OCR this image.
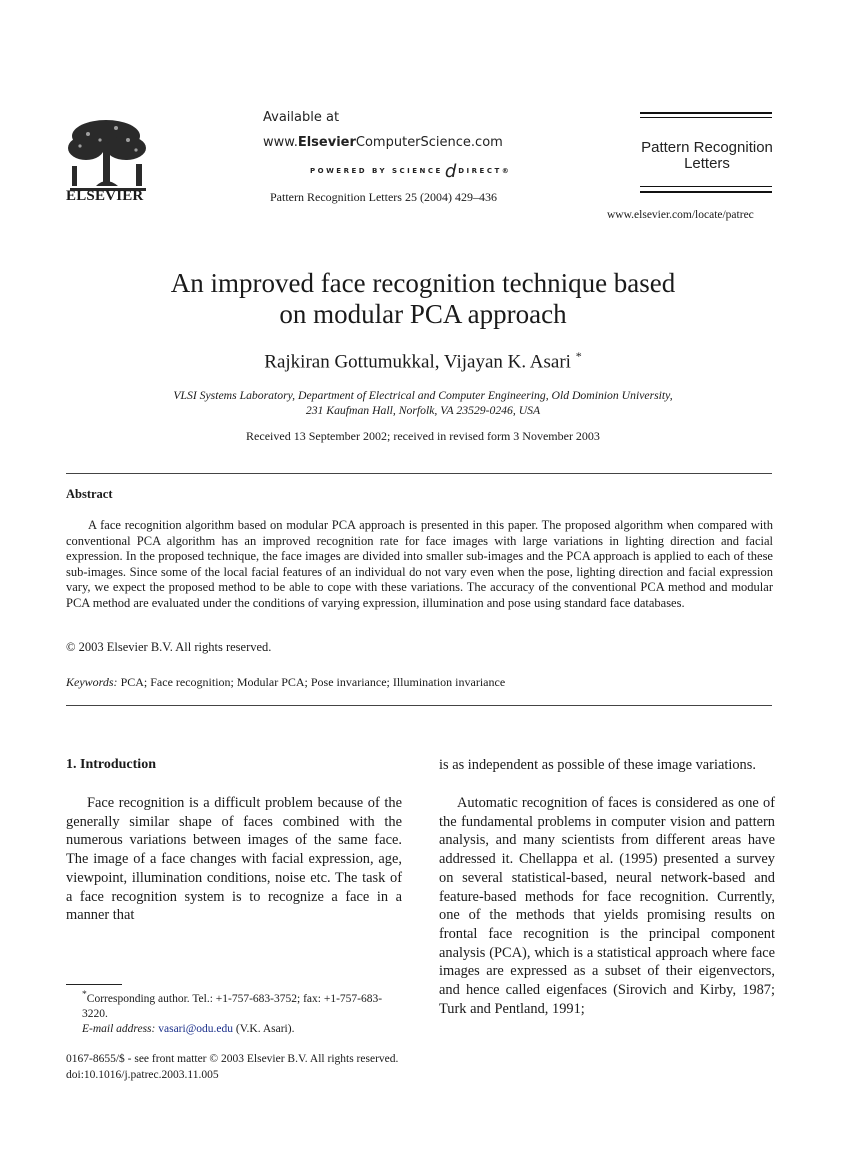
ELSEVIER
Available at
www.ElsevierComputerScience.com
POWERED BY SCIENCE d DIRECT®
Pattern Recognition Letters 25 (2004) 429–436
Pattern Recognition
Letters
www.elsevier.com/locate/patrec
An improved face recognition technique based
on modular PCA approach
Rajkiran Gottumukkal, Vijayan K. Asari *
VLSI Systems Laboratory, Department of Electrical and Computer Engineering, Old Dominion University,
231 Kaufman Hall, Norfolk, VA 23529-0246, USA
Received 13 September 2002; received in revised form 3 November 2003
Abstract
A face recognition algorithm based on modular PCA approach is presented in this paper. The proposed algorithm when compared with conventional PCA algorithm has an improved recognition rate for face images with large variations in lighting direction and facial expression. In the proposed technique, the face images are divided into smaller sub-images and the PCA approach is applied to each of these sub-images. Since some of the local facial features of an individual do not vary even when the pose, lighting direction and facial expression vary, we expect the proposed method to be able to cope with these variations. The accuracy of the conventional PCA method and modular PCA method are evaluated under the conditions of varying expression, illumination and pose using standard face databases.
© 2003 Elsevier B.V. All rights reserved.
Keywords: PCA; Face recognition; Modular PCA; Pose invariance; Illumination invariance
1. Introduction
Face recognition is a difficult problem because of the generally similar shape of faces combined with the numerous variations between images of the same face. The image of a face changes with facial expression, age, viewpoint, illumination conditions, noise etc. The task of a face recognition system is to recognize a face in a manner that
is as independent as possible of these image variations.
Automatic recognition of faces is considered as one of the fundamental problems in computer vision and pattern analysis, and many scientists from different areas have addressed it. Chellappa et al. (1995) presented a survey on several statistical-based, neural network-based and feature-based methods for face recognition. Currently, one of the methods that yields promising results on frontal face recognition is the principal component analysis (PCA), which is a statistical approach where face images are expressed as a subset of their eigenvectors, and hence called eigenfaces (Sirovich and Kirby, 1987; Turk and Pentland, 1991;
*Corresponding author. Tel.: +1-757-683-3752; fax: +1-757-683-3220.
E-mail address: vasari@odu.edu (V.K. Asari).
0167-8655/$ - see front matter © 2003 Elsevier B.V. All rights reserved.
doi:10.1016/j.patrec.2003.11.005
